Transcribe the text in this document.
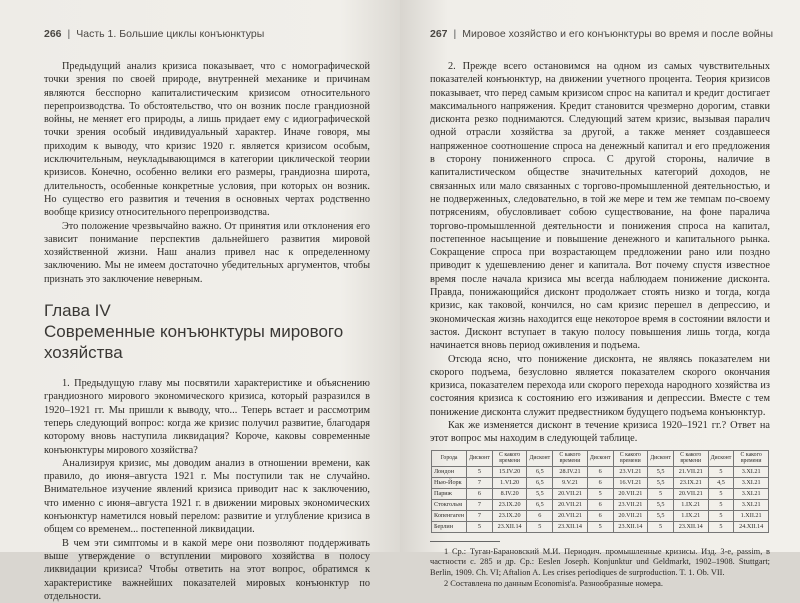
266 | Часть 1. Большие циклы конъюнктуры

Предыдущий анализ кризиса показывает, что с номографической точки зрения по своей природе, внутренней механике и причинам являются бесспорно капиталистическим кризисом относительного перепроизводства. То обстоятельство, что он возник после грандиозной войны, не меняет его природы, а лишь придает ему с идиографической точки зрения особый индивидуальный характер. Иначе говоря, мы приходим к выводу, что кризис 1920 г. является кризисом особым, исключительным, неукладывающимся в категории циклической теории кризисов. Конечно, особенно велики его размеры, грандиозна широта, длительность, особенные конкретные условия, при которых он возник. Но существо его развития и течения в основных чертах родственно вообще кризису относительного перепроизводства.

Это положение чрезвычайно важно. От принятия или отклонения его зависит понимание перспектив дальнейшего развития мировой хозяйственной жизни. Наш анализ привел нас к определенному заключению. Мы не имеем достаточно убедительных аргументов, чтобы признать это заключение неверным.

Глава IV
Современные конъюнктуры мирового хозяйства

1. Предыдущую главу мы посвятили характеристике и объяснению грандиозного мирового экономического кризиса, который разразился в 1920–1921 гг. Мы пришли к выводу, что... Теперь встает и рассмотрим теперь следующий вопрос: когда же кризис получил развитие, благодаря которому вновь наступила ликвидация? Короче, каковы современные конъюнктуры мирового хозяйства?

Анализируя кризис, мы доводим анализ в отношении времени, как правило, до июня–августа 1921 г. Мы поступили так не случайно. Внимательное изучение явлений кризиса приводит нас к заключению, что именно с июня–августа 1921 г. в движении мировых экономических конъюнктур наметился новый перелом: развитие и углубление кризиса в общем со временем... постепенной ликвидации.

В чем эти симптомы и в какой мере они позволяют поддерживать выше утверждение о вступлении мирового хозяйства в полосу ликвидации кризиса? Чтобы ответить на этот вопрос, обратимся к характеристике важнейших показателей мировых конъюнктур по отдельности.

267 | Мировое хозяйство и его конъюнктуры во время и после войны

2. Прежде всего остановимся на одном из самых чувствительных показателей конъюнктур, на движении учетного процента. Теория кризисов показывает, что перед самым кризисом спрос на капитал и кредит достигает максимального напряжения. Кредит становится чрезмерно дорогим, ставки дисконта резко поднимаются. Следующий затем кризис, вызывая паралич одной отрасли хозяйства за другой, а также меняет создавшееся напряженное соотношение спроса на денежный капитал и его предложения в сторону пониженного спроса. С другой стороны, наличие в капиталистическом обществе значительных категорий доходов, не связанных или мало связанных с торгово-промышленной деятельностью, и не подверженных, следовательно, в той же мере и тем же темпам по-своему потрясениям, обусловливает собою существование, на фоне паралича торгово-промышленной деятельности и понижения спроса на капитал, постепенное насыщение и повышение денежного и капитального рынка. Сокращение спроса при возрастающем предложении рано или поздно приводит к удешевлению денег и капитала. Вот почему спустя известное время после начала кризиса мы всегда наблюдаем понижение дисконта. Правда, понижающийся дисконт продолжает стоять низко и тогда, когда кризис, как таковой, кончился, но сам кризис перешел в депрессию, и экономическая жизнь находится еще некоторое время в состоянии вялости и застоя. Дисконт вступает в такую полосу повышения лишь тогда, когда начинается вновь период оживления и подъема.

Отсюда ясно, что понижение дисконта, не являясь показателем ни скорого подъема, безусловно является показателем скорого окончания кризиса, показателем перехода или скорого перехода народного хозяйства из состояния кризиса к состоянию его изживания и депрессии. Вместе с тем понижение дисконта служит предвестником будущего подъема конъюнктур.

Как же изменяется дисконт в течение кризиса 1920–1921 гг.? Ответ на этот вопрос мы находим в следующей таблице.

Города	Дисконт	С какого времени	Дисконт	С какого времени	Дисконт	С какого времени	Дисконт	С какого времени	Дисконт	С какого времени
Лондон	5	15.IV.20	6,5	28.IV.21	6	23.VI.21	5,5	21.VII.21	5	3.XI.21
Нью-Йорк	7	1.VI.20	6,5	9.V.21	6	16.VI.21	5,5	23.IX.21	4,5	3.XI.21
Париж	6	8.IV.20	5,5	20.VII.21	5	20.VII.21	5	20.VII.21	5	3.XI.21
Стокгольм	7	23.IX.20	6,5	20.VII.21	6	23.VII.21	5,5	1.IX.21	5	3.XI.21
Копенгаген	7	23.IX.20	6	20.VII.21	6	20.VII.21	5,5	1.IX.21	5	1.XII.21
Берлин	5	23.XII.14	5	23.XII.14	5	23.XII.14	5	23.XII.14	5	24.XII.14

1 Ср.: Туган-Барановский М.И. Периодич. промышленные кризисы. Изд. 3-е, passim, в частности с. 285 и др. Ср.: Eeslen Joseph. Konjunktur und Geldmarkt, 1902–1908. Stuttgart; Berlin, 1909. Ch. VI; Aftalion A. Les crises periodiques de surproduction. T. 1. Ob. VII.

2 Составлена по данным Economist'a. Разнообразные номера.
